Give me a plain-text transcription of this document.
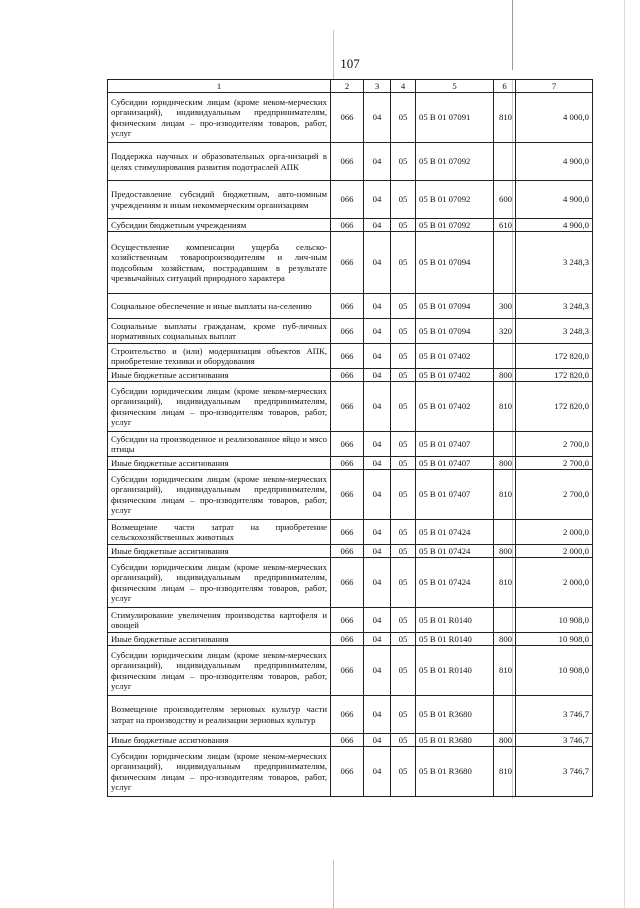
107
1	2	3	4	5	6	7
Субсидии юридическим лицам (кроме неком-мерческих организаций), индивидуальным предпринимателям, физическим лицам – про-изводителям товаров, работ, услуг	066	04	05	05 В 01 07091	810	4 000,0
Поддержка научных и образовательных орга-низаций в целях стимулирования развития подотраслей АПК	066	04	05	05 В 01 07092		4 900,0
Предоставление субсидий бюджетным, авто-номным учреждениям и иным некоммерческим организациям	066	04	05	05 В 01 07092	600	4 900,0
Субсидии бюджетным учреждениям	066	04	05	05 В 01 07092	610	4 900,0
Осуществление компенсации ущерба сельско-хозяйственным товаропроизводителям и лич-ным подсобным хозяйствам, пострадавшим в результате чрезвычайных ситуаций природного характера	066	04	05	05 В 01 07094		3 248,3
Социальное обеспечение и иные выплаты на-селению	066	04	05	05 В 01 07094	300	3 248,3
Социальные выплаты гражданам, кроме пуб-личных нормативных социальных выплат	066	04	05	05 В 01 07094	320	3 248,3
Строительство и (или) модернизация объектов АПК, приобретение техники и оборудования	066	04	05	05 В 01 07402		172 820,0
Иные бюджетные ассигнования	066	04	05	05 В 01 07402	800	172 820,0
Субсидии юридическим лицам (кроме неком-мерческих организаций), индивидуальным предпринимателям, физическим лицам – про-изводителям товаров, работ, услуг	066	04	05	05 В 01 07402	810	172 820,0
Субсидии на производенное и реализованное яйцо и мясо птицы	066	04	05	05 В 01 07407		2 700,0
Иные бюджетные ассигнования	066	04	05	05 В 01 07407	800	2 700,0
Субсидии юридическим лицам (кроме неком-мерческих организаций), индивидуальным предпринимателям, физическим лицам – про-изводителям товаров, работ, услуг	066	04	05	05 В 01 07407	810	2 700,0
Возмещение части затрат на приобретение сельскохозяйственных животных	066	04	05	05 В 01 07424		2 000,0
Иные бюджетные ассигнования	066	04	05	05 В 01 07424	800	2 000,0
Субсидии юридическим лицам (кроме неком-мерческих организаций), индивидуальным предпринимателям, физическим лицам – про-изводителям товаров, работ, услуг	066	04	05	05 В 01 07424	810	2 000,0
Стимулирование увеличения производства картофеля и овощей	066	04	05	05 В 01 R0140		10 908,0
Иные бюджетные ассигнования	066	04	05	05 В 01 R0140	800	10 908,0
Субсидии юридическим лицам (кроме неком-мерческих организаций), индивидуальным предпринимателям, физическим лицам – про-изводителям товаров, работ, услуг	066	04	05	05 В 01 R0140	810	10 908,0
Возмещение производителям зерновых культур части затрат на производству и реализации зерновых культур	066	04	05	05 В 01 R3680		3 746,7
Иные бюджетные ассигнования	066	04	05	05 В 01 R3680	800	3 746,7
Субсидии юридическим лицам (кроме неком-мерческих организаций), индивидуальным предпринимателям, физическим лицам – про-изводителям товаров, работ, услуг	066	04	05	05 В 01 R3680	810	3 746,7
